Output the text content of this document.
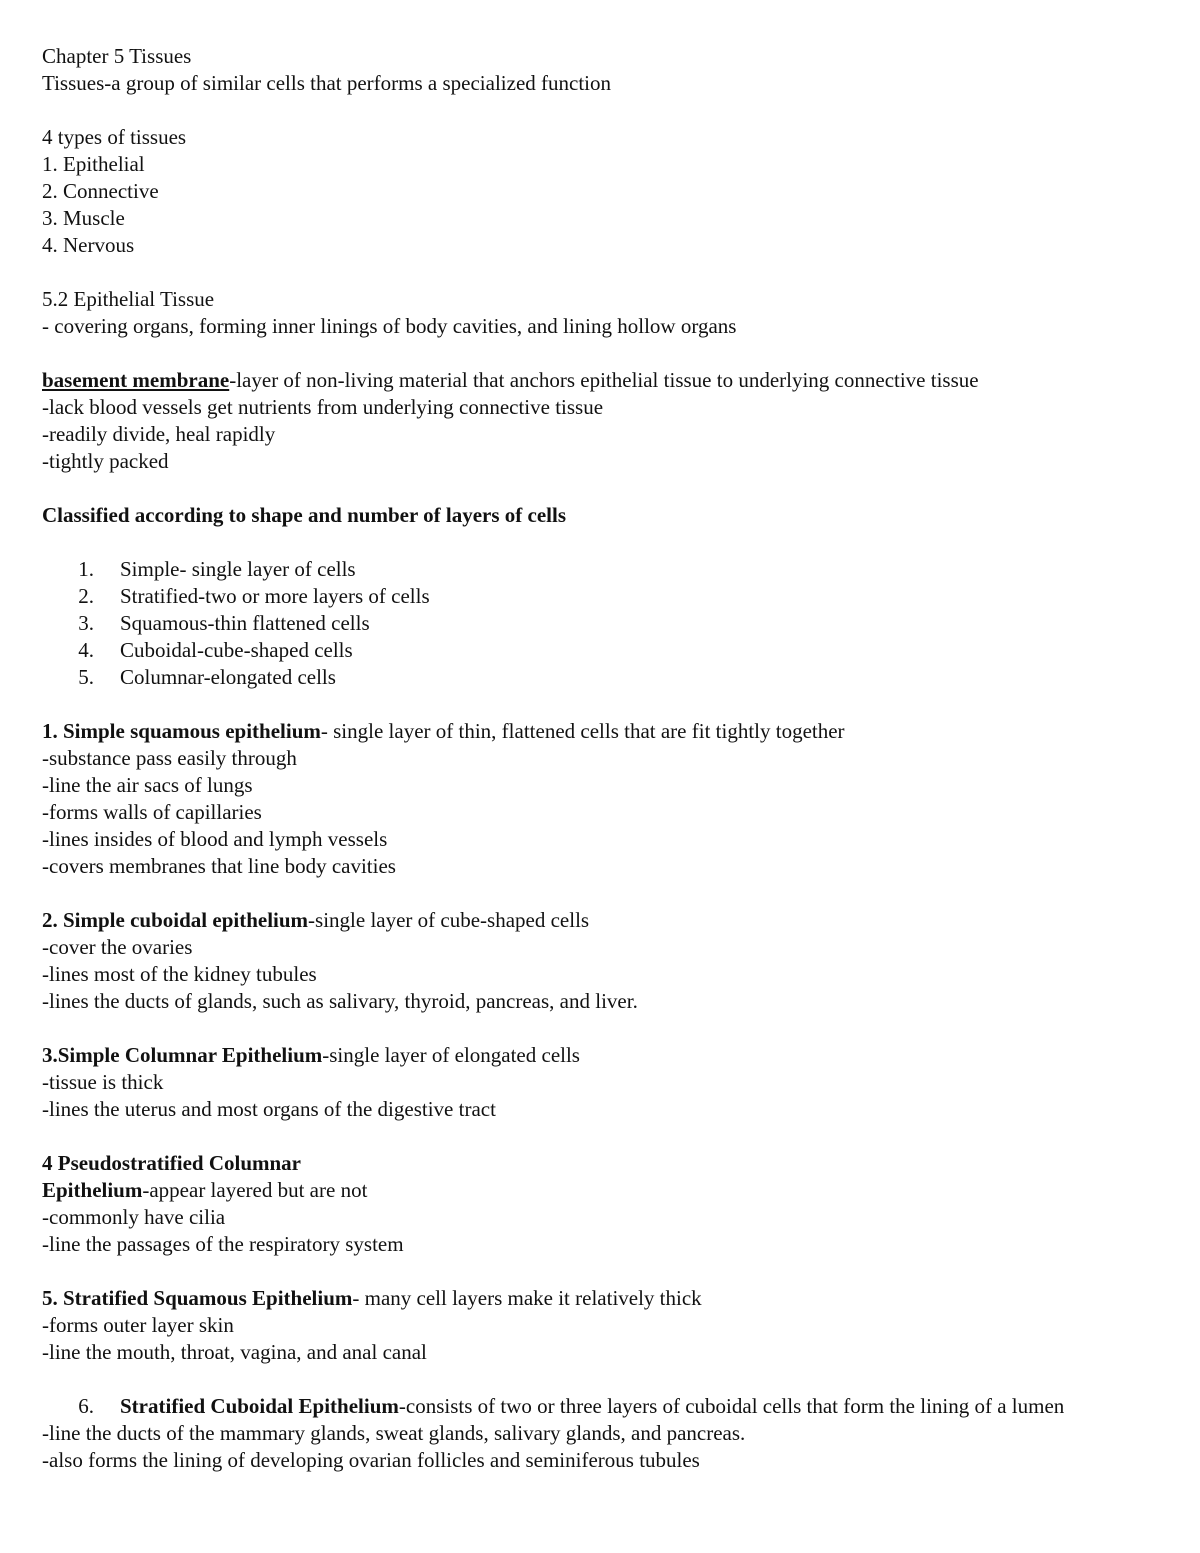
Chapter 5 Tissues
Tissues-a group of similar cells that performs a specialized function
4 types of tissues
1. Epithelial
2. Connective
3. Muscle
4. Nervous
5.2 Epithelial Tissue
- covering organs, forming inner linings of body cavities, and lining hollow organs
basement membrane-layer of non-living material that anchors epithelial tissue to underlying connective tissue
-lack blood vessels get nutrients from underlying connective tissue
-readily divide, heal rapidly
-tightly packed
Classified according to shape and number of layers of cells
1.	Simple- single layer of cells
2.	Stratified-two or more layers of cells
3.	Squamous-thin flattened cells
4.	Cuboidal-cube-shaped cells
5.	Columnar-elongated cells
1. Simple squamous epithelium- single layer of thin, flattened cells that are fit tightly together
-substance pass easily through
-line the air sacs of lungs
-forms walls of capillaries
-lines insides of blood and lymph vessels
-covers membranes that line body cavities
2. Simple cuboidal epithelium-single layer of cube-shaped cells
-cover the ovaries
-lines most of the kidney tubules
-lines the ducts of glands, such as salivary, thyroid, pancreas, and liver.
3.Simple Columnar Epithelium-single layer of elongated cells
-tissue is thick
-lines the uterus and most organs of the digestive tract
4 Pseudostratified Columnar
Epithelium-appear layered but are not
-commonly have cilia
-line the passages of the respiratory system
5. Stratified Squamous Epithelium- many cell layers make it relatively thick
-forms outer layer skin
-line the mouth, throat, vagina, and anal canal
6.	Stratified Cuboidal Epithelium-consists of two or three layers of cuboidal cells that form the lining of a lumen
-line the ducts of the mammary glands, sweat glands, salivary glands, and pancreas.
-also forms the lining of developing ovarian follicles and seminiferous tubules
